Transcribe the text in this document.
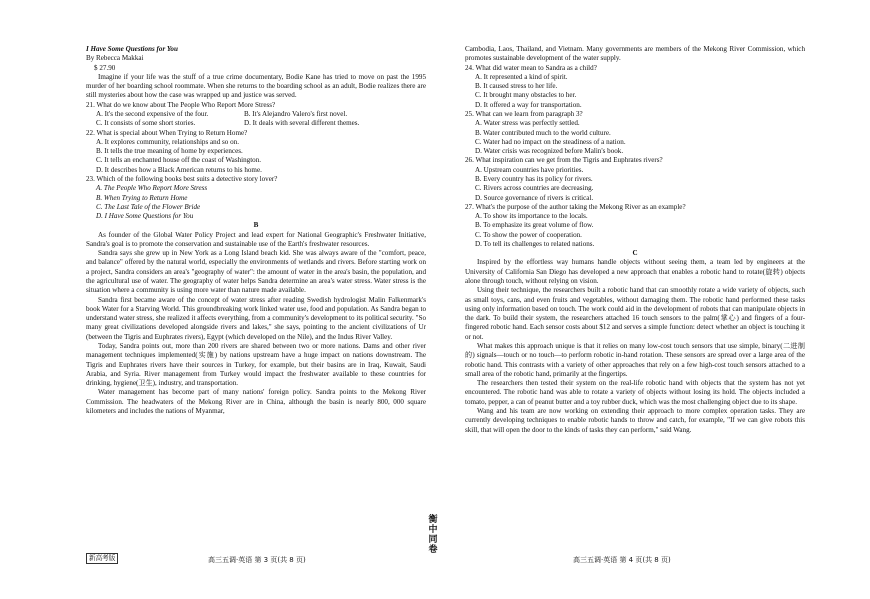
I Have Some Questions for You

By Rebecca Makkai

$ 27.90

Imagine if your life was the stuff of a true crime documentary, Bodie Kane has tried to move on past the 1995 murder of her boarding school roommate. When she returns to the boarding school as an adult, Bodie realizes there are still mysteries about how the case was wrapped up and justice was served.

21. What do we know about The People Who Report More Stress?

A. It's the second expensive of the four.	B. It's Alejandro Valero's first novel.
C. It consists of some short stories.	D. It deals with several different themes.

22. What is special about When Trying to Return Home?

A. It explores community, relationships and so on.

B. It tells the true meaning of home by experiences.

C. It tells an enchanted house off the coast of Washington.

D. It describes how a Black American returns to his home.

23. Which of the following books best suits a detective story lover?

A. The People Who Report More Stress

B. When Trying to Return Home

C. The Last Tale of the Flower Bride

D. I Have Some Questions for You

B

As founder of the Global Water Policy Project and lead expert for National Geographic's Freshwater Initiative, Sandra's goal is to promote the conservation and sustainable use of the Earth's freshwater resources.

Sandra says she grew up in New York as a Long Island beach kid. She was always aware of the "comfort, peace, and balance" offered by the natural world, especially the environments of wetlands and rivers. Before starting work on a project, Sandra considers an area's "geography of water": the amount of water in the area's basin, the population, and the agricultural use of water. The geography of water helps Sandra determine an area's water stress. Water stress is the situation where a community is using more water than nature made available.

Sandra first became aware of the concept of water stress after reading Swedish hydrologist Malin Falkenmark's book Water for a Starving World. This groundbreaking work linked water use, food and population. As Sandra began to understand water stress, she realized it affects everything, from a community's development to its political security. "So many great civilizations developed alongside rivers and lakes," she says, pointing to the ancient civilizations of Ur (between the Tigris and Euphrates rivers), Egypt (which developed on the Nile), and the Indus River Valley.

Today, Sandra points out, more than 200 rivers are shared between two or more nations. Dams and other river management techniques implemented(实施) by nations upstream have a huge impact on nations downstream. The Tigris and Euphrates rivers have their sources in Turkey, for example, but their basins are in Iraq, Kuwait, Saudi Arabia, and Syria. River management from Turkey would impact the freshwater available to these countries for drinking, hygiene(卫生), industry, and transportation.

Water management has become part of many nations' foreign policy. Sandra points to the Mekong River Commission. The headwaters of the Mekong River are in China, although the basin is nearly 800, 000 square kilometers and includes the nations of Myanmar,

Cambodia, Laos, Thailand, and Vietnam. Many governments are members of the Mekong River Commission, which promotes sustainable development of the water supply.

24. What did water mean to Sandra as a child?

A. It represented a kind of spirit.

B. It caused stress to her life.

C. It brought many obstacles to her.

D. It offered a way for transportation.

25. What can we learn from paragraph 3?

A. Water stress was perfectly settled.

B. Water contributed much to the world culture.

C. Water had no impact on the steadiness of a nation.

D. Water crisis was recognized before Malin's book.

26. What inspiration can we get from the Tigris and Euphrates rivers?

A. Upstream countries have priorities.

B. Every country has its policy for rivers.

C. Rivers across countries are decreasing.

D. Source governance of rivers is critical.

27. What's the purpose of the author taking the Mekong River as an example?

A. To show its importance to the locals.

B. To emphasize its great volume of flow.

C. To show the power of cooperation.

D. To tell its challenges to related nations.

C

Inspired by the effortless way humans handle objects without seeing them, a team led by engineers at the University of California San Diego has developed a new approach that enables a robotic hand to rotate(旋转) objects alone through touch, without relying on vision.

Using their technique, the researchers built a robotic hand that can smoothly rotate a wide variety of objects, such as small toys, cans, and even fruits and vegetables, without damaging them. The robotic hand performed these tasks using only information based on touch. The work could aid in the development of robots that can manipulate objects in the dark. To build their system, the researchers attached 16 touch sensors to the palm(掌心) and fingers of a four-fingered robotic hand. Each sensor costs about $12 and serves a simple function: detect whether an object is touching it or not.

What makes this approach unique is that it relies on many low-cost touch sensors that use simple, binary(二进制的) signals—touch or no touch—to perform robotic in-hand rotation. These sensors are spread over a large area of the robotic hand. This contrasts with a variety of other approaches that rely on a few high-cost touch sensors attached to a small area of the robotic hand, primarily at the fingertips.

The researchers then tested their system on the real-life robotic hand with objects that the system has not yet encountered. The robotic hand was able to rotate a variety of objects without losing its hold. The objects included a tomato, pepper, a can of peanut butter and a toy rubber duck, which was the most challenging object due to its shape.

Wang and his team are now working on extending their approach to more complex operation tasks. They are currently developing techniques to enable robotic hands to throw and catch, for example, "If we can give robots this skill, that will open the door to the kinds of tasks they can perform," said Wang.

新高考版
衡
中
同
卷
高三五调·英语 第 3 页(共 8 页)	高三五调·英语 第 4 页(共 8 页)
